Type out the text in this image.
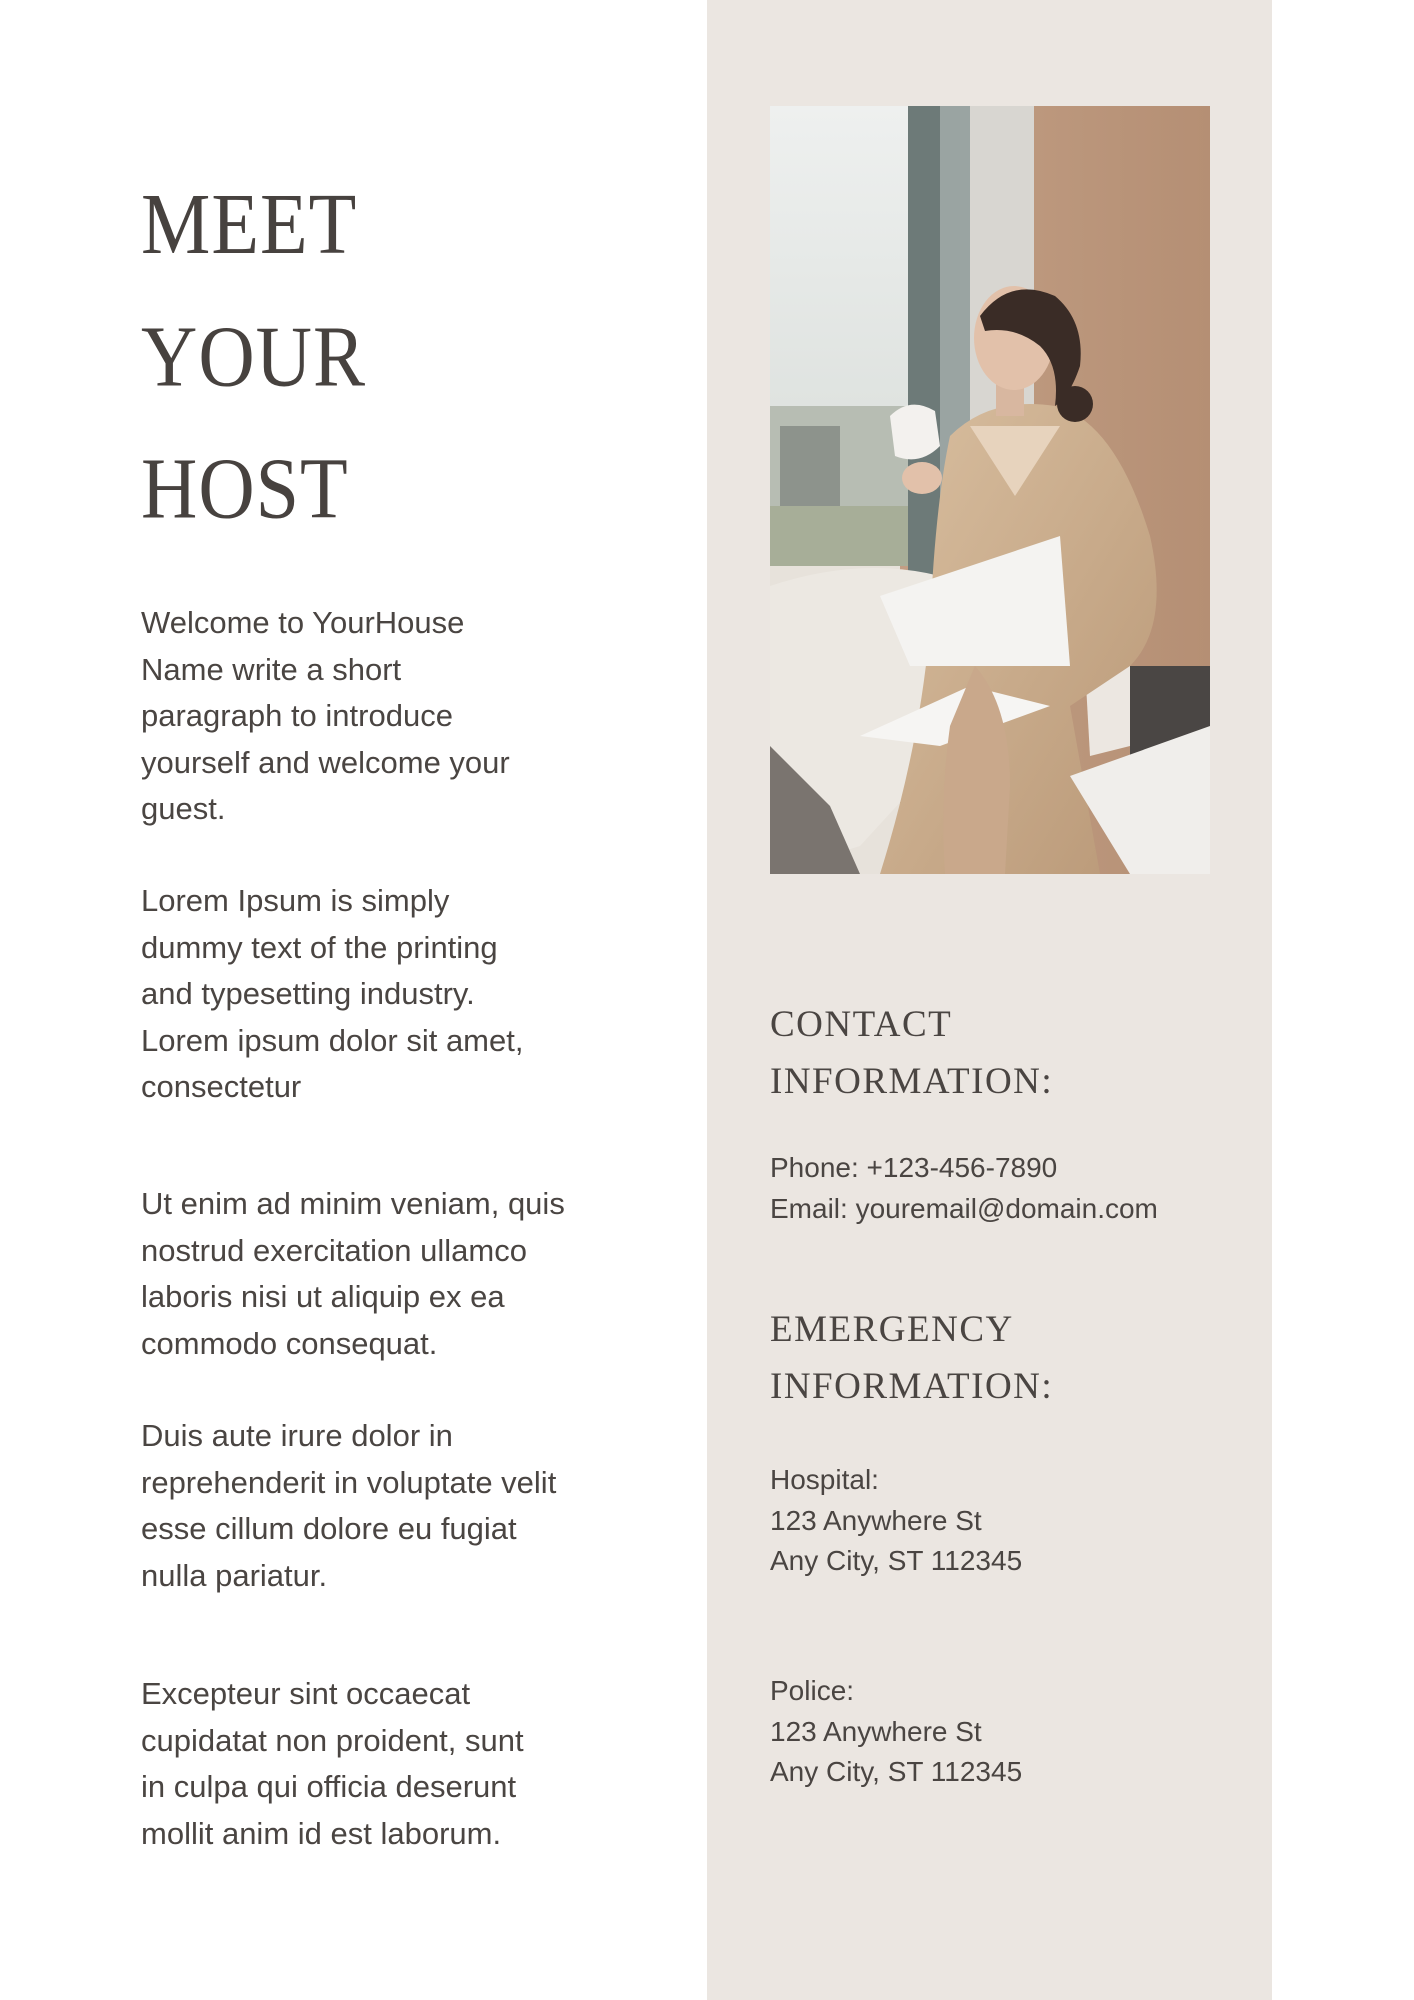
MEET
YOUR
HOST

Welcome to YourHouse
Name write a short
paragraph to introduce
yourself and welcome your
guest.

Lorem Ipsum is simply
dummy text of the printing
and typesetting industry.
Lorem ipsum dolor sit amet,
consectetur

Ut enim ad minim veniam, quis
nostrud exercitation ullamco
laboris nisi ut aliquip ex ea
commodo consequat.

Duis aute irure dolor in
reprehenderit in voluptate velit
esse cillum dolore eu fugiat
nulla pariatur.

Excepteur sint occaecat
cupidatat non proident, sunt
in culpa qui officia deserunt
mollit anim id est laborum.

CONTACT
INFORMATION:

Phone: +123-456-7890
Email: youremail@domain.com

EMERGENCY
INFORMATION:

Hospital:
123 Anywhere St
Any City, ST 112345

Police:
123 Anywhere St
Any City, ST 112345
